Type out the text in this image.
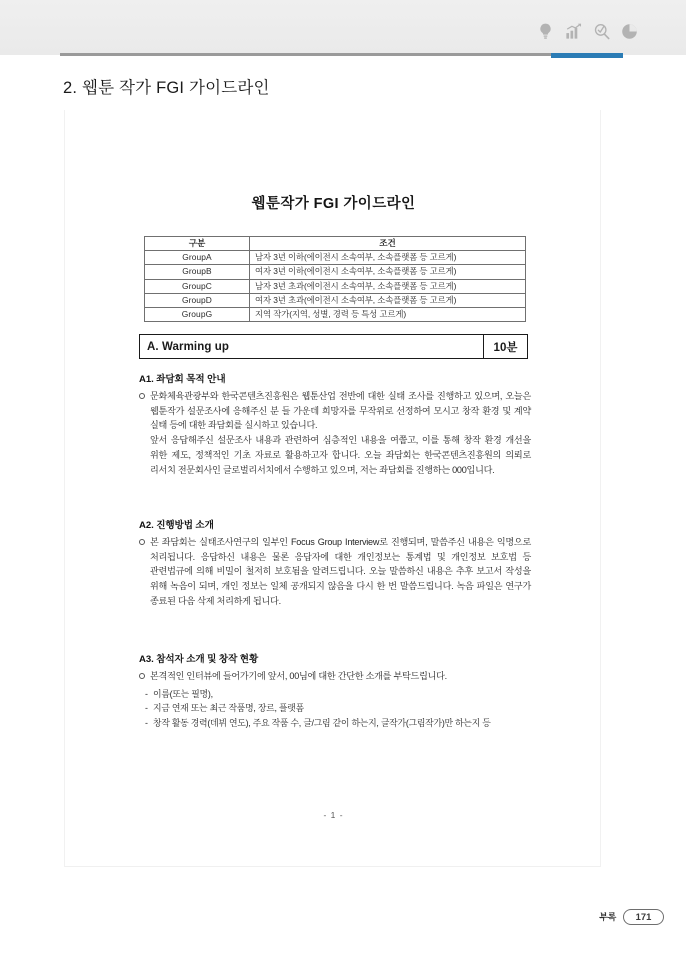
2. 웹툰 작가 FGI 가이드라인
웹툰작가 FGI 가이드라인
구분	조건
GroupA	남자 3년 이하(에이전시 소속여부, 소속플랫폼 등 고르게)
GroupB	여자 3년 이하(에이전시 소속여부, 소속플랫폼 등 고르게)
GroupC	남자 3년 초과(에이전시 소속여부, 소속플랫폼 등 고르게)
GroupD	여자 3년 초과(에이전시 소속여부, 소속플랫폼 등 고르게)
GroupG	지역 작가(지역, 성별, 경력 등 특성 고르게)
A. Warming up	10분
A1. 좌담회 목적 안내
문화체육관광부와 한국콘텐츠진흥원은 웹툰산업 전반에 대한 실태 조사를 진행하고 있으며, 오늘은 웹툰작가 설문조사에 응해주신 분 들 가운데 희망자를 무작위로 선정하여 모시고 창작 환경 및 계약 실태 등에 대한 좌담회를 실시하고 있습니다.
앞서 응답해주신 설문조사 내용과 관련하여 심층적인 내용을 여쭙고, 이를 통해 창작 환경 개선을 위한 제도, 정책적인 기초 자료로 활용하고자 합니다. 오늘 좌담회는 한국콘텐츠진흥원의 의뢰로 리서치 전문회사인 글로벌리서치에서 수행하고 있으며, 저는 좌담회를 진행하는 000입니다.
A2. 진행방법 소개
본 좌담회는 실태조사연구의 일부인 Focus Group Interview로 진행되며, 말씀주신 내용은 익명으로 처리됩니다. 응답하신 내용은 물론 응답자에 대한 개인정보는 통계법 및 개인정보 보호법 등 관련법규에 의해 비밀이 철저히 보호됨을 알려드립니다. 오늘 말씀하신 내용은 추후 보고서 작성을 위해 녹음이 되며, 개인 정보는 일체 공개되지 않음을 다시 한 번 말씀드립니다. 녹음 파일은 연구가 종료된 다음 삭제 처리하게 됩니다.
A3. 참석자 소개 및 창작 현황
본격적인 인터뷰에 들어가기에 앞서, 00님에 대한 간단한 소개를 부탁드립니다.
- 이름(또는 필명),
- 지금 연재 또는 최근 작품명, 장르, 플랫폼
- 창작 활동 경력(데뷔 연도), 주요 작품 수, 글/그림 같이 하는지, 글작가(그림작가)만 하는지 등
- 1 -
부록	171
